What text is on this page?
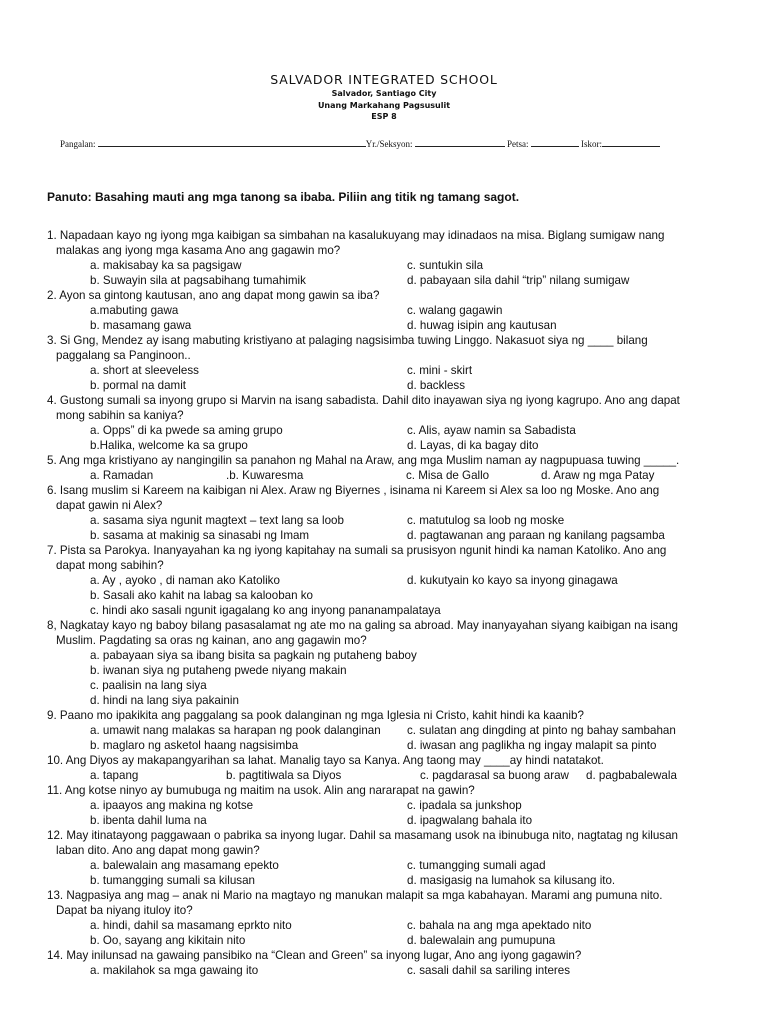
SALVADOR INTEGRATED SCHOOL
Salvador, Santiago City
Unang Markahang Pagsusulit
ESP 8
Pangalan:	Yr./Seksyon:	Petsa:	Iskor:
Panuto: Basahing mauti ang mga tanong sa ibaba. Piliin ang titik ng tamang sagot.
1. Napadaan kayo ng iyong mga kaibigan sa simbahan na kasalukuyang may idinadaos na misa. Biglang sumigaw nang
malakas ang iyong mga kasama Ano ang gagawin mo?
a. makisabay ka sa pagsigaw	c. suntukin sila
b. Suwayin sila at pagsabihang tumahimik	d. pabayaan sila dahil “trip” nilang sumigaw
2. Ayon sa gintong kautusan, ano ang dapat mong gawin sa iba?
a.mabuting gawa	c. walang gagawin
b. masamang gawa	d. huwag isipin ang kautusan
3. Si Gng, Mendez ay isang mabuting kristiyano at palaging nagsisimba tuwing Linggo. Nakasuot siya ng ____ bilang
paggalang sa Panginoon..
a. short at sleeveless	c. mini - skirt
b. pormal na damit	d. backless
4. Gustong sumali sa inyong grupo si Marvin na isang sabadista. Dahil dito inayawan siya ng iyong kagrupo. Ano ang dapat
mong sabihin sa kaniya?
a. Opps” di ka pwede sa aming grupo	c. Alis, ayaw namin sa Sabadista
b.Halika, welcome ka sa grupo	d. Layas, di ka bagay dito
5. Ang mga kristiyano ay nangingilin sa panahon ng Mahal na Araw, ang mga Muslim naman ay nagpupuasa tuwing _____.
a. Ramadan	.b. Kuwaresma	c. Misa de Gallo	d. Araw ng mga Patay
6. Isang muslim si Kareem na kaibigan ni Alex. Araw ng Biyernes , isinama ni Kareem si Alex sa loo ng Moske. Ano ang
dapat gawin ni Alex?
a. sasama siya ngunit magtext – text lang sa loob	c. matutulog sa loob ng moske
b. sasama at makinig sa sinasabi ng Imam	d. pagtawanan ang paraan ng kanilang pagsamba
7. Pista sa Parokya. Inanyayahan ka ng iyong kapitahay na sumali sa prusisyon ngunit hindi ka naman Katoliko. Ano ang
dapat mong sabihin?
a. Ay , ayoko , di naman ako Katoliko	d. kukutyain ko kayo sa inyong ginagawa
b. Sasali ako kahit na labag sa kalooban ko
c. hindi ako sasali ngunit igagalang ko ang inyong pananampalataya
8, Nagkatay kayo ng baboy bilang pasasalamat ng ate mo na galing sa abroad. May inanyayahan siyang kaibigan na isang
Muslim. Pagdating sa oras ng kainan, ano ang gagawin mo?
a. pabayaan siya sa ibang bisita sa pagkain ng putaheng baboy
b. iwanan siya ng putaheng pwede niyang makain
c. paalisin na lang siya
d. hindi na lang siya pakainin
9. Paano mo ipakikita ang paggalang sa pook dalanginan ng mga Iglesia ni Cristo, kahit hindi ka kaanib?
a. umawit nang malakas sa harapan ng pook dalanginan c. sulatan ang dingding at pinto ng bahay sambahan
b. maglaro ng asketol haang nagsisimba	d. iwasan ang paglikha ng ingay malapit sa pinto
10. Ang Diyos ay makapangyarihan sa lahat. Manalig tayo sa Kanya. Ang taong may ____ay hindi natatakot.
a. tapang	b. pagtitiwala sa Diyos	c. pagdarasal sa buong araw d. pagbabalewala
11. Ang kotse ninyo ay bumubuga ng maitim na usok. Alin ang nararapat na gawin?
a. ipaayos ang makina ng kotse	c. ipadala sa junkshop
b. ibenta dahil luma na	d. ipagwalang bahala ito
12. May itinatayong paggawaan o pabrika sa inyong lugar. Dahil sa masamang usok na ibinubuga nito, nagtatag ng kilusan
laban dito. Ano ang dapat mong gawin?
a. balewalain ang masamang epekto	c. tumangging sumali agad
b. tumangging sumali sa kilusan	d. masigasig na lumahok sa kilusang ito.
13. Nagpasiya ang mag – anak ni Mario na magtayo ng manukan malapit sa mga kabahayan. Marami ang pumuna nito.
Dapat ba niyang ituloy ito?
a. hindi, dahil sa masamang eprkto nito	c. bahala na ang mga apektado nito
b. Oo, sayang ang kikitain nito	d. balewalain ang pumupuna
14. May inilunsad na gawaing pansibiko na “Clean and Green” sa inyong lugar, Ano ang iyong gagawin?
a. makilahok sa mga gawaing ito	c. sasali dahil sa sariling interes
